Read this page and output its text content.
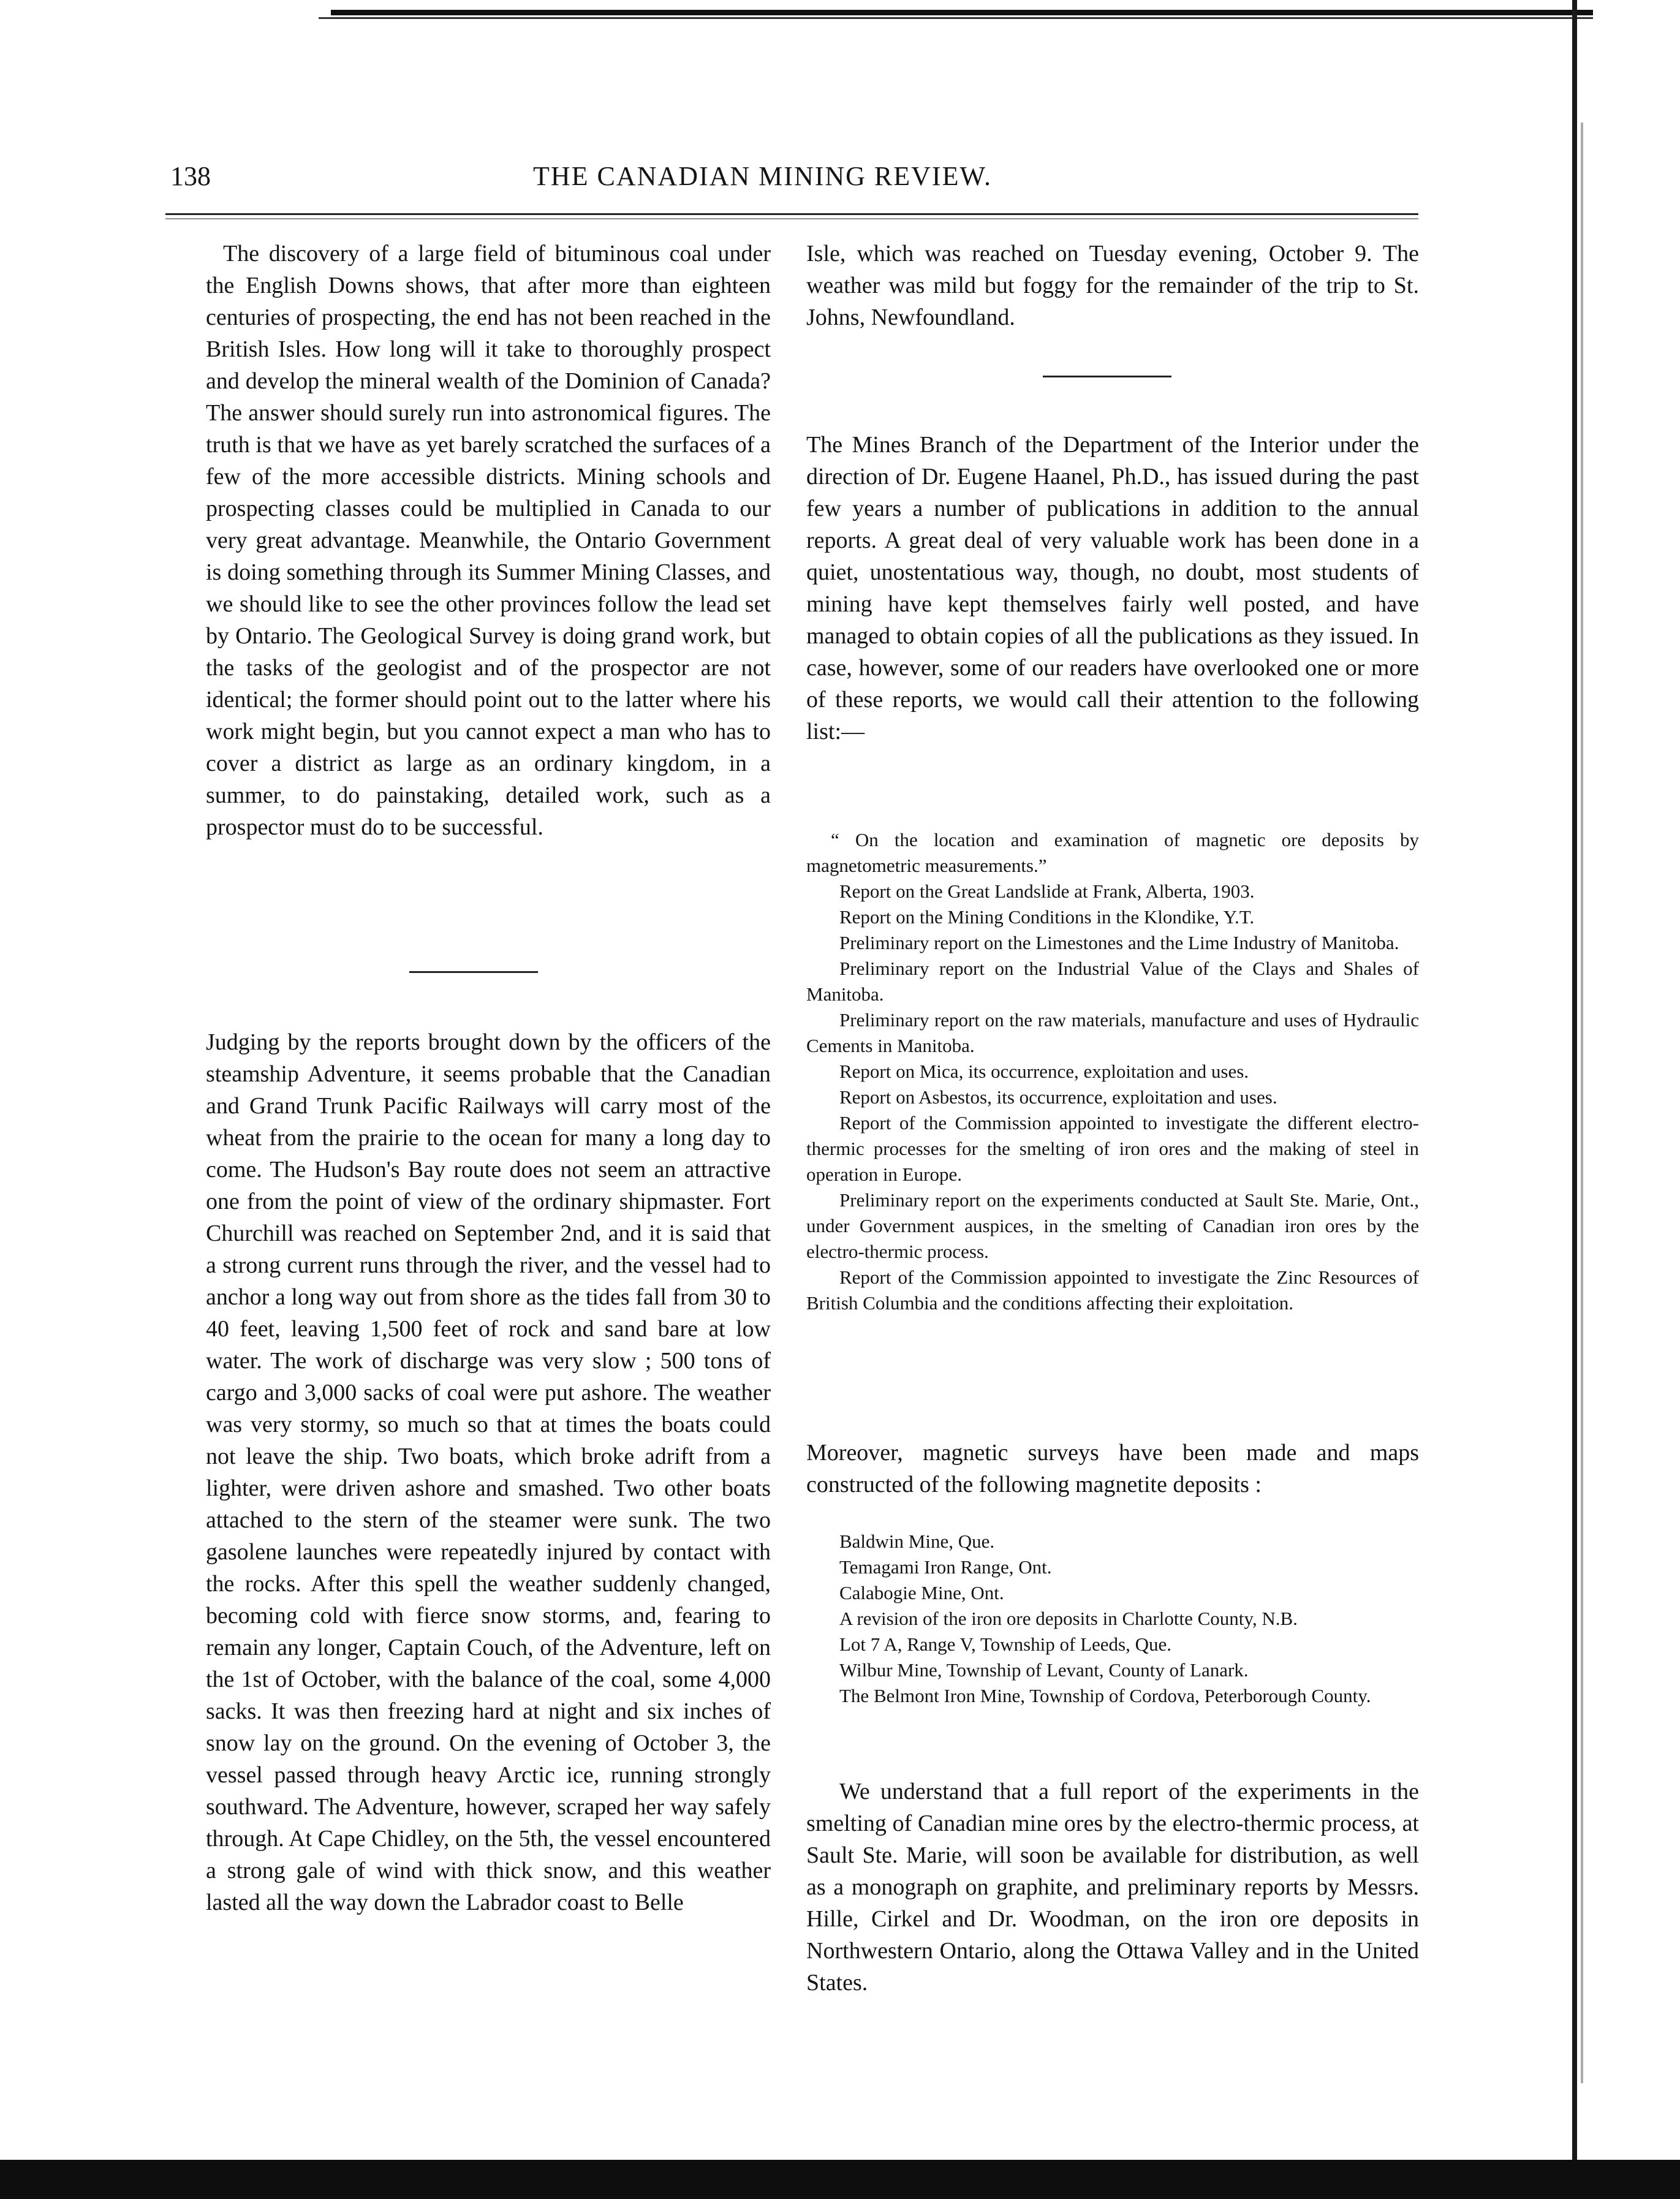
138	THE CANADIAN MINING REVIEW.

The discovery of a large field of bituminous coal under the English Downs shows, that after more than eighteen centuries of prospecting, the end has not been reached in the British Isles. How long will it take to thoroughly prospect and develop the mineral wealth of the Dominion of Canada? The answer should surely run into astronomical figures. The truth is that we have as yet barely scratched the surfaces of a few of the more accessible districts. Mining schools and prospecting classes could be multiplied in Canada to our very great advantage. Meanwhile, the Ontario Government is doing something through its Summer Mining Classes, and we should like to see the other provinces follow the lead set by Ontario. The Geological Survey is doing grand work, but the tasks of the geologist and of the prospector are not identical; the former should point out to the latter where his work might begin, but you cannot expect a man who has to cover a district as large as an ordinary kingdom, in a summer, to do painstaking, detailed work, such as a prospector must do to be successful.

Judging by the reports brought down by the officers of the steamship Adventure, it seems probable that the Canadian and Grand Trunk Pacific Railways will carry most of the wheat from the prairie to the ocean for many a long day to come. The Hudson's Bay route does not seem an attractive one from the point of view of the ordinary shipmaster. Fort Churchill was reached on September 2nd, and it is said that a strong current runs through the river, and the vessel had to anchor a long way out from shore as the tides fall from 30 to 40 feet, leaving 1,500 feet of rock and sand bare at low water. The work of discharge was very slow ; 500 tons of cargo and 3,000 sacks of coal were put ashore. The weather was very stormy, so much so that at times the boats could not leave the ship. Two boats, which broke adrift from a lighter, were driven ashore and smashed. Two other boats attached to the stern of the steamer were sunk. The two gasolene launches were repeatedly injured by contact with the rocks. After this spell the weather suddenly changed, becoming cold with fierce snow storms, and, fearing to remain any longer, Captain Couch, of the Adventure, left on the 1st of October, with the balance of the coal, some 4,000 sacks. It was then freezing hard at night and six inches of snow lay on the ground. On the evening of October 3, the vessel passed through heavy Arctic ice, running strongly southward. The Adventure, however, scraped her way safely through. At Cape Chidley, on the 5th, the vessel encountered a strong gale of wind with thick snow, and this weather lasted all the way down the Labrador coast to Belle

Isle, which was reached on Tuesday evening, October 9. The weather was mild but foggy for the remainder of the trip to St. Johns, Newfoundland.

The Mines Branch of the Department of the Interior under the direction of Dr. Eugene Haanel, Ph.D., has issued during the past few years a number of publications in addition to the annual reports. A great deal of very valuable work has been done in a quiet, unostentatious way, though, no doubt, most students of mining have kept themselves fairly well posted, and have managed to obtain copies of all the publications as they issued. In case, however, some of our readers have overlooked one or more of these reports, we would call their attention to the following list:—

“ On the location and examination of magnetic ore deposits by magnetometric measurements.”
Report on the Great Landslide at Frank, Alberta, 1903.
Report on the Mining Conditions in the Klondike, Y.T.
Preliminary report on the Limestones and the Lime Industry of Manitoba.
Preliminary report on the Industrial Value of the Clays and Shales of Manitoba.
Preliminary report on the raw materials, manufacture and uses of Hydraulic Cements in Manitoba.
Report on Mica, its occurrence, exploitation and uses.
Report on Asbestos, its occurrence, exploitation and uses.
Report of the Commission appointed to investigate the different electro-thermic processes for the smelting of iron ores and the making of steel in operation in Europe.
Preliminary report on the experiments conducted at Sault Ste. Marie, Ont., under Government auspices, in the smelting of Canadian iron ores by the electro-thermic process.
Report of the Commission appointed to investigate the Zinc Resources of British Columbia and the conditions affecting their exploitation.

Moreover, magnetic surveys have been made and maps constructed of the following magnetite deposits :

Baldwin Mine, Que.
Temagami Iron Range, Ont.
Calabogie Mine, Ont.
A revision of the iron ore deposits in Charlotte County, N.B.
Lot 7 A, Range V, Township of Leeds, Que.
Wilbur Mine, Township of Levant, County of Lanark.
The Belmont Iron Mine, Township of Cordova, Peterborough County.

We understand that a full report of the experiments in the smelting of Canadian mine ores by the electro-thermic process, at Sault Ste. Marie, will soon be available for distribution, as well as a monograph on graphite, and preliminary reports by Messrs. Hille, Cirkel and Dr. Woodman, on the iron ore deposits in Northwestern Ontario, along the Ottawa Valley and in the United States.
